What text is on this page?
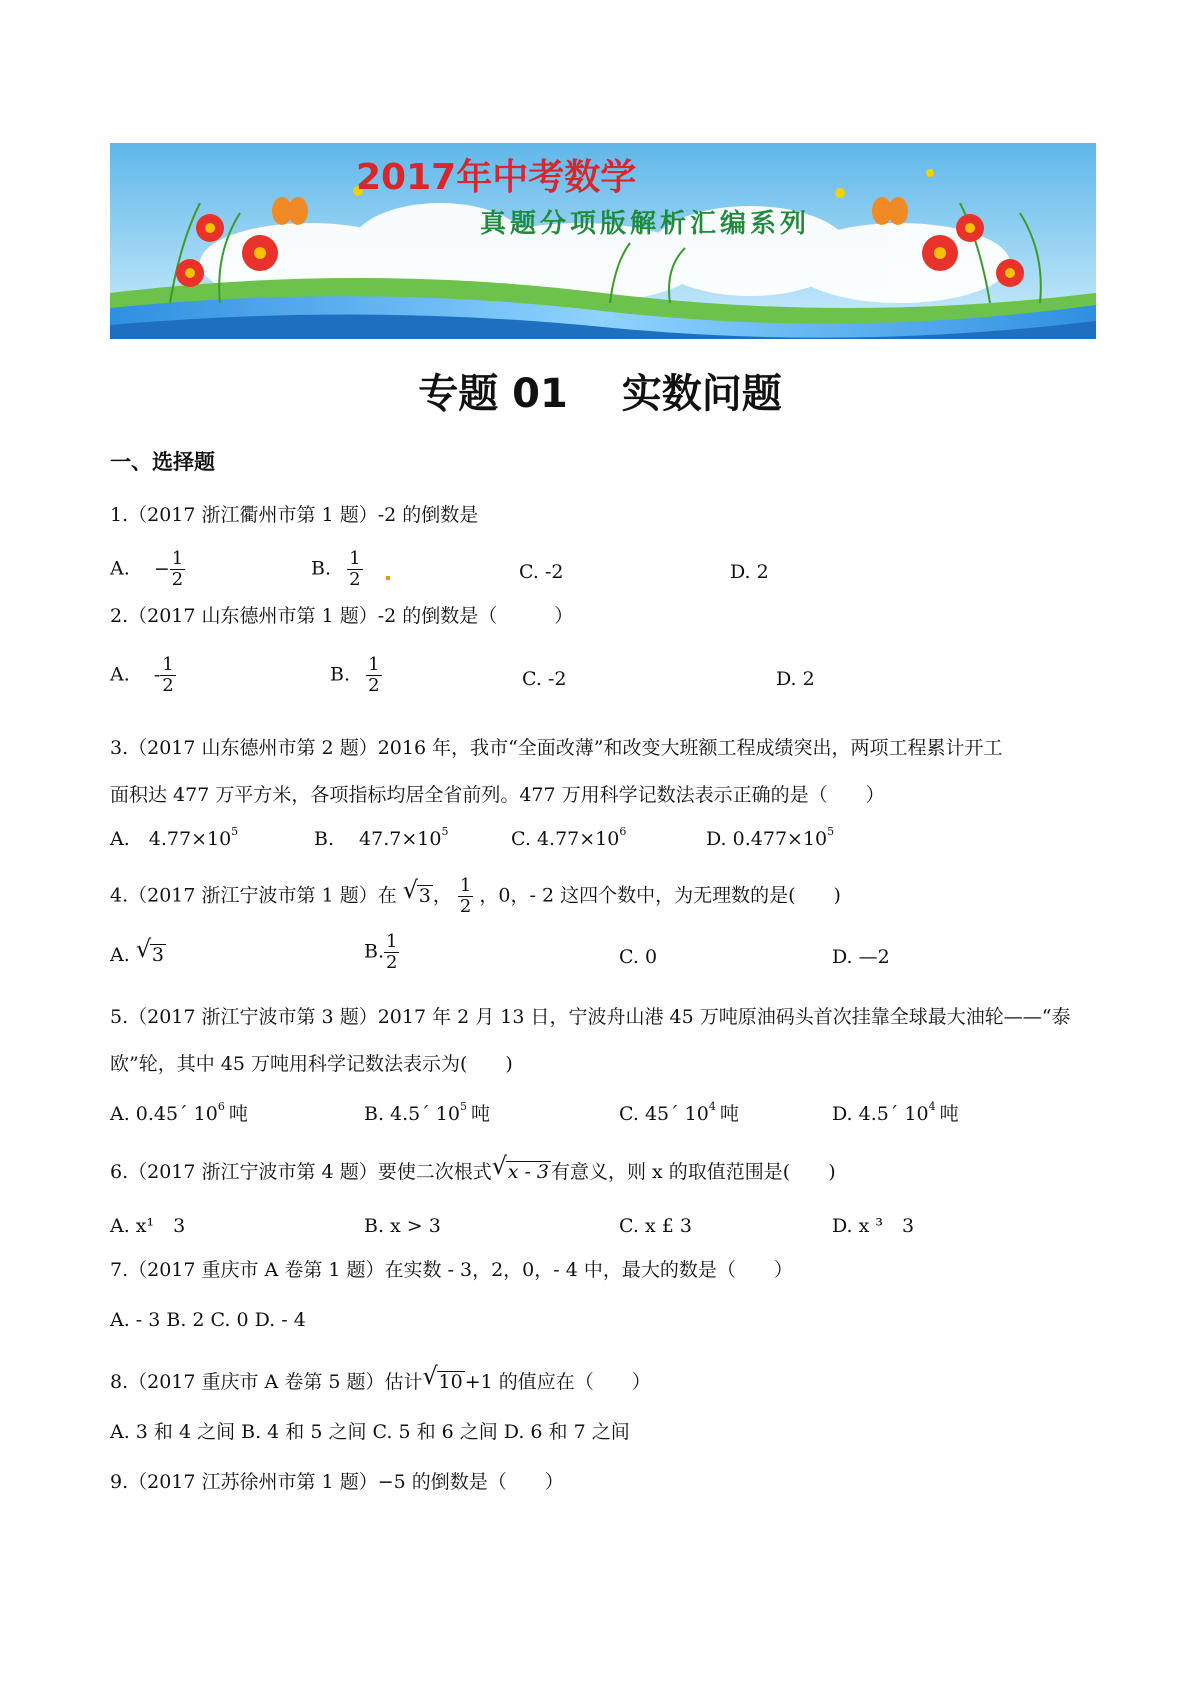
2017年中考数学
真题分项版解析汇编系列
专题 01　 实数问题
一、选择题
1.（2017 浙江衢州市第 1 题）-2 的倒数是
A. − $\frac{1}{2}$	B. $\frac{1}{2}$	C. -2	D. 2
2.（2017 山东德州市第 1 题）-2 的倒数是（　　　）
A. - $\frac{1}{2}$	B. $\frac{1}{2}$	C. -2	D. 2
3.（2017 山东德州市第 2 题）2016 年，我市“全面改薄”和改变大班额工程成绩突出，两项工程累计开工
面积达 477 万平方米，各项指标均居全省前列。477 万用科学记数法表示正确的是（　　）
A.　$4.77\times 10^5$	B.　 $47.7\times 10^5$	C. $4.77\times 10^6$	D. $0.477\times 10^5$
4.（2017 浙江宁波市第 1 题）在 √ 3 ， $\frac{1}{2}$ ，0，- 2 这四个数中，为无理数的是(　　)
A. √ 3	B. $\frac{1}{2}$	C. 0	D. —2
5.（2017 浙江宁波市第 3 题）2017 年 2 月 13 日，宁波舟山港 45 万吨原油码头首次挂靠全球最大油轮——“泰
欧”轮，其中 45 万吨用科学记数法表示为(　　)
A. 0.45´ $10^6$ 吨	B. 4.5´ $10^5$ 吨	C. 45´ $10^4$ 吨	D. 4.5´ $10^4$ 吨
6.（2017 浙江宁波市第 4 题）要使二次根式 √ x - 3 有意义，则 x 的取值范围是(　　)
A. x¹　3	B. x > 3	C. x £ 3	D. x ³　3
7.（2017 重庆市 A 卷第 1 题）在实数 - 3，2，0，- 4 中，最大的数是（　　）
A. - 3 B. 2 C. 0 D. - 4
8.（2017 重庆市 A 卷第 5 题）估计 √ 10 +1 的值应在（　　）
A. 3 和 4 之间 B. 4 和 5 之间 C. 5 和 6 之间 D. 6 和 7 之间
9.（2017 江苏徐州市第 1 题）−5 的倒数是（　　）
